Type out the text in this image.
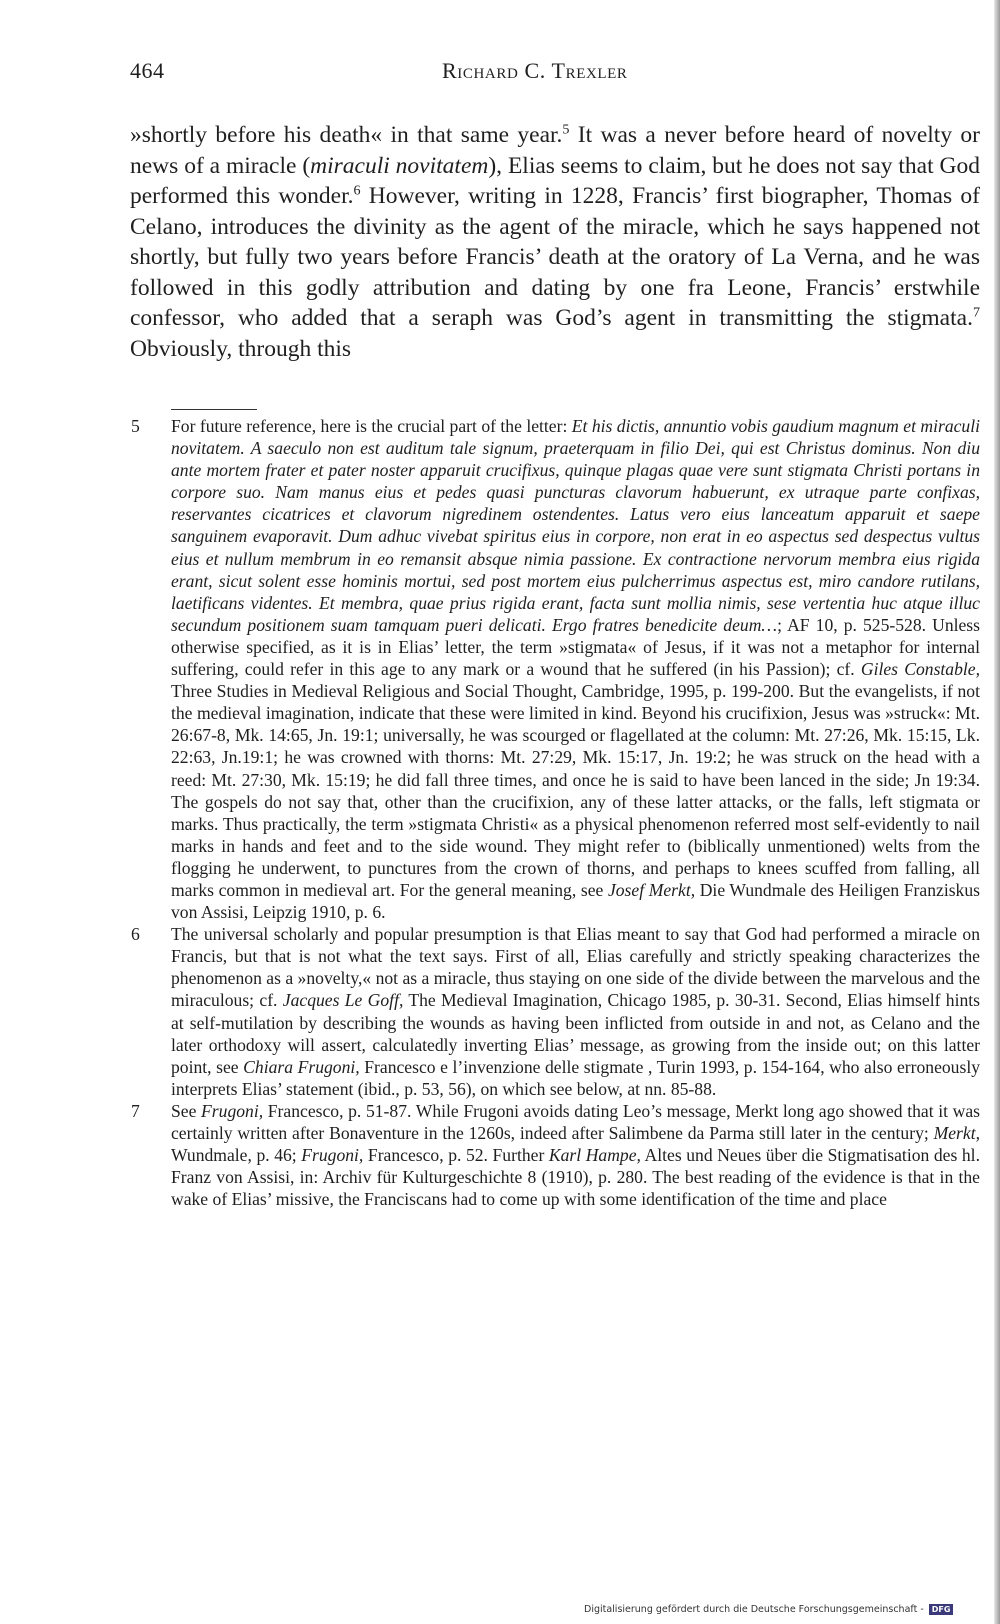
464	Richard C. Trexler

»shortly before his death« in that same year.$^5$ It was a never before heard of novelty or news of a miracle (miraculi novitatem), Elias seems to claim, but he does not say that God performed this wonder.$^6$ However, writing in 1228, Francis’ first biographer, Thomas of Celano, introduces the divinity as the agent of the miracle, which he says happened not shortly, but fully two years before Francis’ death at the oratory of La Verna, and he was followed in this godly attribution and dating by one fra Leone, Francis’ erstwhile confessor, who added that a seraph was God’s agent in transmitting the stigmata.$^7$ Obviously, through this

5 For future reference, here is the crucial part of the letter: Et his dictis, annuntio vobis gaudium magnum et miraculi novitatem. A saeculo non est auditum tale signum, praeterquam in filio Dei, qui est Christus dominus. Non diu ante mortem frater et pater noster apparuit crucifixus, quinque plagas quae vere sunt stigmata Christi portans in corpore suo. Nam manus eius et pedes quasi puncturas clavorum habuerunt, ex utraque parte confixas, reservantes cicatrices et clavorum nigredinem ostendentes. Latus vero eius lanceatum apparuit et saepe sanguinem evaporavit. Dum adhuc vivebat spiritus eius in corpore, non erat in eo aspectus sed despectus vultus eius et nullum membrum in eo remansit absque nimia passione. Ex contractione nervorum membra eius rigida erant, sicut solent esse hominis mortui, sed post mortem eius pulcherrimus aspectus est, miro candore rutilans, laetificans videntes. Et membra, quae prius rigida erant, facta sunt mollia nimis, sese vertentia huc atque illuc secundum positionem suam tamquam pueri delicati. Ergo fratres benedicite deum…; AF 10, p. 525-528. Unless otherwise specified, as it is in Elias’ letter, the term »stigmata« of Jesus, if it was not a metaphor for internal suffering, could refer in this age to any mark or a wound that he suffered (in his Passion); cf. Giles Constable, Three Studies in Medieval Religious and Social Thought, Cambridge, 1995, p. 199-200. But the evangelists, if not the medieval imagination, indicate that these were limited in kind. Beyond his crucifixion, Jesus was »struck«: Mt. 26:67-8, Mk. 14:65, Jn. 19:1; universally, he was scourged or flagellated at the column: Mt. 27:26, Mk. 15:15, Lk. 22:63, Jn.19:1; he was crowned with thorns: Mt. 27:29, Mk. 15:17, Jn. 19:2; he was struck on the head with a reed: Mt. 27:30, Mk. 15:19; he did fall three times, and once he is said to have been lanced in the side; Jn 19:34. The gospels do not say that, other than the crucifixion, any of these latter attacks, or the falls, left stigmata or marks. Thus practically, the term »stigmata Christi« as a physical phenomenon referred most self-evidently to nail marks in hands and feet and to the side wound. They might refer to (biblically unmentioned) welts from the flogging he underwent, to punctures from the crown of thorns, and perhaps to knees scuffed from falling, all marks common in medieval art. For the general meaning, see Josef Merkt, Die Wundmale des Heiligen Franziskus von Assisi, Leipzig 1910, p. 6.

6 The universal scholarly and popular presumption is that Elias meant to say that God had performed a miracle on Francis, but that is not what the text says. First of all, Elias carefully and strictly speaking characterizes the phenomenon as a »novelty,« not as a miracle, thus staying on one side of the divide between the marvelous and the miraculous; cf. Jacques Le Goff, The Medieval Imagination, Chicago 1985, p. 30-31. Second, Elias himself hints at self-mutilation by describing the wounds as having been inflicted from outside in and not, as Celano and the later orthodoxy will assert, calculatedly inverting Elias’ message, as growing from the inside out; on this latter point, see Chiara Frugoni, Francesco e l’invenzione delle stigmate , Turin 1993, p. 154-164, who also erroneously interprets Elias’ statement (ibid., p. 53, 56), on which see below, at nn. 85-88.

7 See Frugoni, Francesco, p. 51-87. While Frugoni avoids dating Leo’s message, Merkt long ago showed that it was certainly written after Bonaventure in the 1260s, indeed after Salimbene da Parma still later in the century; Merkt, Wundmale, p. 46; Frugoni, Francesco, p. 52. Further Karl Hampe, Altes und Neues über die Stigmatisation des hl. Franz von Assisi, in: Archiv für Kulturgeschichte 8 (1910), p. 280. The best reading of the evidence is that in the wake of Elias’ missive, the Franciscans had to come up with some identification of the time and place

Digitalisierung gefördert durch die Deutsche Forschungsgemeinschaft - DFG
